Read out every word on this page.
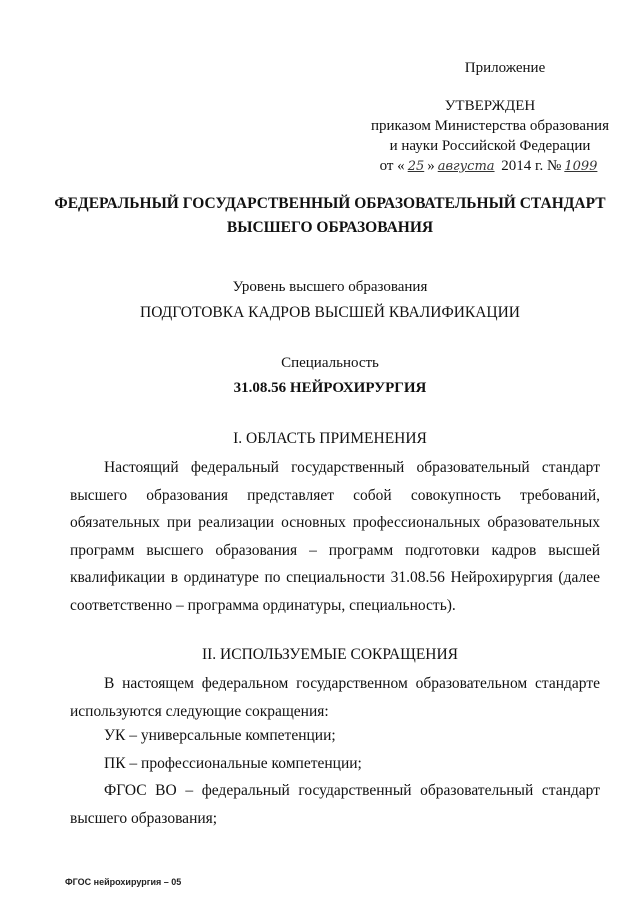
Приложение
УТВЕРЖДЕН
приказом Министерства образования
и науки Российской Федерации
от « 25 » августа 2014 г. № 1099
ФЕДЕРАЛЬНЫЙ ГОСУДАРСТВЕННЫЙ ОБРАЗОВАТЕЛЬНЫЙ СТАНДАРТ
ВЫСШЕГО ОБРАЗОВАНИЯ
Уровень высшего образования
ПОДГОТОВКА КАДРОВ ВЫСШЕЙ КВАЛИФИКАЦИИ
Специальность
31.08.56 НЕЙРОХИРУРГИЯ
I. ОБЛАСТЬ ПРИМЕНЕНИЯ
Настоящий федеральный государственный образовательный стандарт высшего образования представляет собой совокупность требований, обязательных при реализации основных профессиональных образовательных программ высшего образования – программ подготовки кадров высшей квалификации в ординатуре по специальности 31.08.56 Нейрохирургия (далее соответственно – программа ординатуры, специальность).
II. ИСПОЛЬЗУЕМЫЕ СОКРАЩЕНИЯ
В настоящем федеральном государственном образовательном стандарте используются следующие сокращения:
УК – универсальные компетенции;
ПК – профессиональные компетенции;
ФГОС ВО – федеральный государственный образовательный стандарт высшего образования;
ФГОС нейрохирургия – 05
